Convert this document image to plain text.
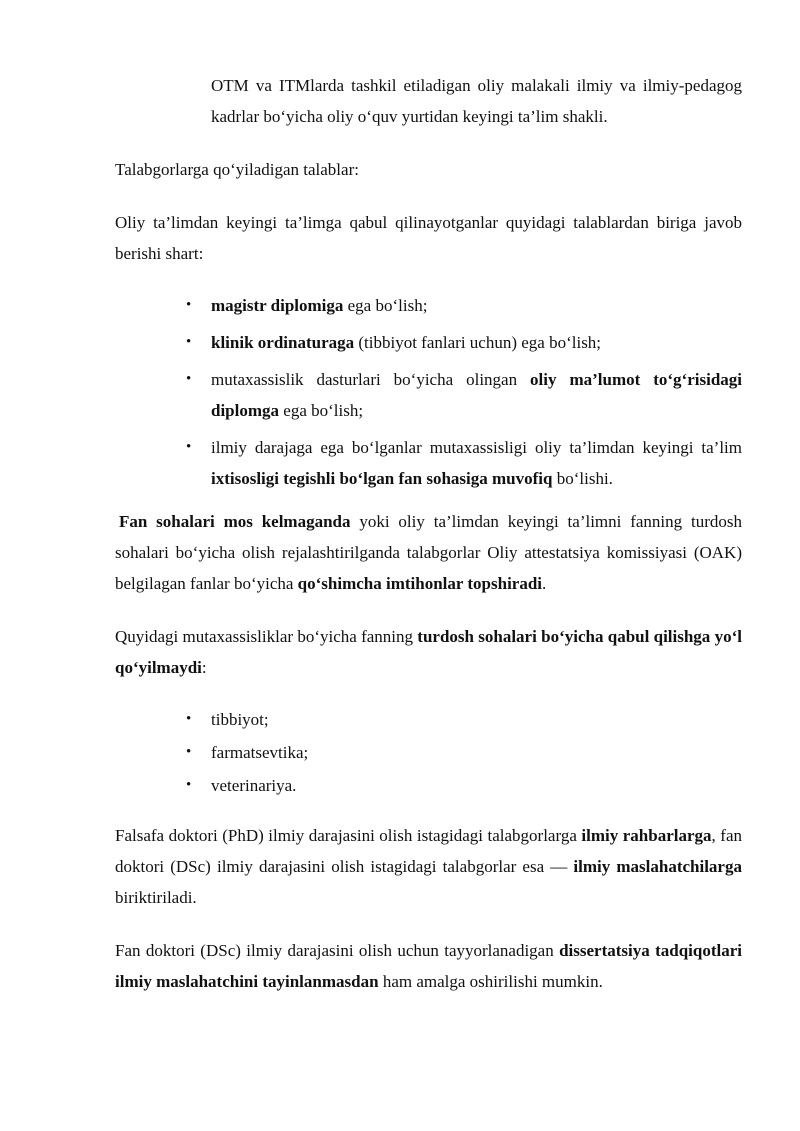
OTM va ITMlarda tashkil etiladigan oliy malakali ilmiy va ilmiy-pedagog kadrlar bo‘yicha oliy o‘quv yurtidan keyingi ta’lim shakli.

Talabgorlarga qo‘yiladigan talablar:

Oliy ta’limdan keyingi ta’limga qabul qilinayotganlar quyidagi talablardan biriga javob berishi shart:

• magistr diplomiga ega bo‘lish;
• klinik ordinaturaga (tibbiyot fanlari uchun) ega bo‘lish;
• mutaxassislik dasturlari bo‘yicha olingan oliy ma’lumot to‘g‘risidagi diplomga ega bo‘lish;
• ilmiy darajaga ega bo‘lganlar mutaxassisligi oliy ta’limdan keyingi ta’lim ixtisosligi tegishli bo‘lgan fan sohasiga muvofiq bo‘lishi.

Fan sohalari mos kelmaganda yoki oliy ta’limdan keyingi ta’limni fanning turdosh sohalari bo‘yicha olish rejalashtirilganda talabgorlar Oliy attestatsiya komissiyasi (OAK) belgilagan fanlar bo‘yicha qo‘shimcha imtihonlar topshiradi.

Quyidagi mutaxassisliklar bo‘yicha fanning turdosh sohalari bo‘yicha qabul qilishga yo‘l qo‘yilmaydi:

• tibbiyot;
• farmatsevtika;
• veterinariya.

Falsafa doktori (PhD) ilmiy darajasini olish istagidagi talabgorlarga ilmiy rahbarlarga, fan doktori (DSc) ilmiy darajasini olish istagidagi talabgorlar esa — ilmiy maslahatchilarga biriktiriladi.

Fan doktori (DSc) ilmiy darajasini olish uchun tayyorlanadigan dissertatsiya tadqiqotlari ilmiy maslahatchini tayinlanmasdan ham amalga oshirilishi mumkin.
